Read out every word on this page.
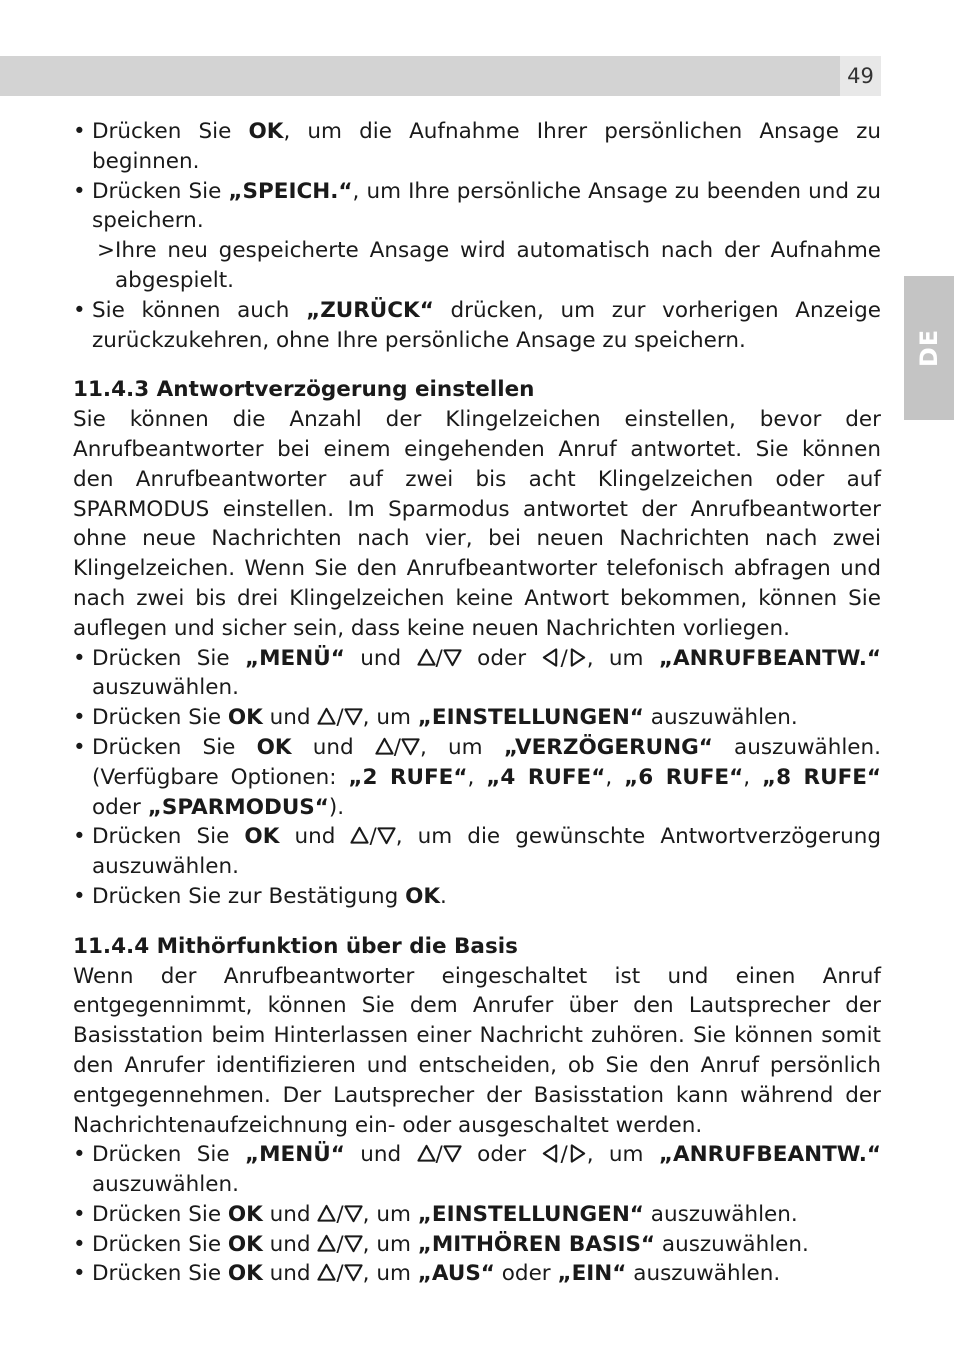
49
DE
• Drücken Sie OK, um die Aufnahme Ihrer persönlichen Ansage zu beginnen.
• Drücken Sie „SPEICH.“, um Ihre persönliche Ansage zu beenden und zu speichern.
> Ihre neu gespeicherte Ansage wird automatisch nach der Aufnahme abgespielt.
• Sie können auch „ZURÜCK“ drücken, um zur vorherigen Anzeige zurückzukehren, ohne Ihre persönliche Ansage zu speichern.
11.4.3 Antwortverzögerung einstellen

Sie können die Anzahl der Klingelzeichen einstellen, bevor der Anrufbeantworter bei einem eingehenden Anruf antwortet. Sie können den Anrufbeantworter auf zwei bis acht Klingelzeichen oder auf SPARMODUS einstellen. Im Sparmodus antwortet der Anrufbeantworter ohne neue Nachrichten nach vier, bei neuen Nachrichten nach zwei Klingelzeichen. Wenn Sie den Anrufbeantworter telefonisch abfragen und nach zwei bis drei Klingelzeichen keine Antwort bekommen, können Sie auflegen und sicher sein, dass keine neuen Nachrichten vorliegen.

• Drücken Sie „MENÜ“ und
/
oder
/ , um „ANRUFBEANTW.“ auszuwählen.
• Drücken Sie OK und
/ , um „EINSTELLUNGEN“ auszuwählen.
• Drücken Sie OK und
/ , um „VERZÖGERUNG“ auszuwählen. (Verfügbare Optionen: „2 RUFE“, „4 RUFE“, „6 RUFE“, „8 RUFE“ oder „SPARMODUS“).
• Drücken Sie OK und
/ , um die gewünschte Antwortverzögerung auszuwählen.
• Drücken Sie zur Bestätigung OK.
11.4.4 Mithörfunktion über die Basis

Wenn der Anrufbeantworter eingeschaltet ist und einen Anruf entgegennimmt, können Sie dem Anrufer über den Lautsprecher der Basisstation beim Hinterlassen einer Nachricht zuhören. Sie können somit den Anrufer identifizieren und entscheiden, ob Sie den Anruf persönlich entgegennehmen. Der Lautsprecher der Basisstation kann während der Nachrichtenaufzeichnung ein- oder ausgeschaltet werden.

• Drücken Sie „MENÜ“ und
/
oder
/ , um „ANRUFBEANTW.“ auszuwählen.
• Drücken Sie OK und
/ , um „EINSTELLUNGEN“ auszuwählen.
• Drücken Sie OK und
/ , um „MITHÖREN BASIS“ auszuwählen.
• Drücken Sie OK und
/ , um „AUS“ oder „EIN“ auszuwählen.
